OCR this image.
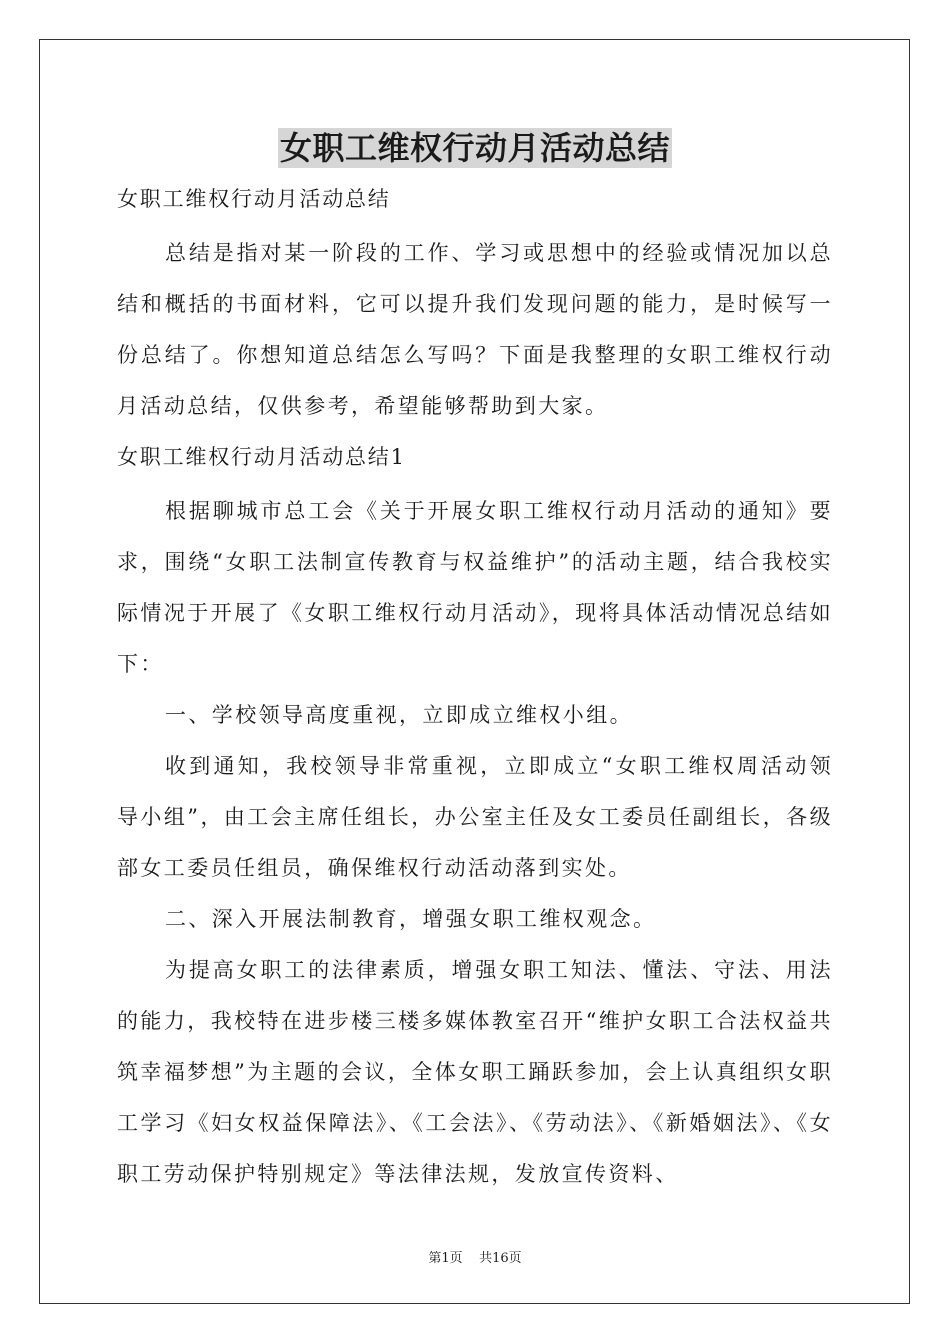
女职工维权行动月活动总结
女职工维权行动月活动总结

总结是指对某一阶段的工作、学习或思想中的经验或情况加以总结和概括的书面材料，它可以提升我们发现问题的能力，是时候写一份总结了。你想知道总结怎么写吗？下面是我整理的女职工维权行动月活动总结，仅供参考，希望能够帮助到大家。

女职工维权行动月活动总结1

根据聊城市总工会《关于开展女职工维权行动月活动的通知》要求，围绕“女职工法制宣传教育与权益维护”的活动主题，结合我校实际情况于开展了《女职工维权行动月活动》，现将具体活动情况总结如下：

一、学校领导高度重视，立即成立维权小组。

收到通知，我校领导非常重视，立即成立“女职工维权周活动领导小组”，由工会主席任组长，办公室主任及女工委员任副组长，各级部女工委员任组员，确保维权行动活动落到实处。

二、深入开展法制教育，增强女职工维权观念。

为提高女职工的法律素质，增强女职工知法、懂法、守法、用法的能力，我校特在进步楼三楼多媒体教室召开“维护女职工合法权益共筑幸福梦想”为主题的会议，全体女职工踊跃参加，会上认真组织女职工学习《妇女权益保障法》、《工会法》、《劳动法》、《新婚姻法》、《女职工劳动保护特别规定》等法律法规，发放宣传资料、

第1页 共16页
